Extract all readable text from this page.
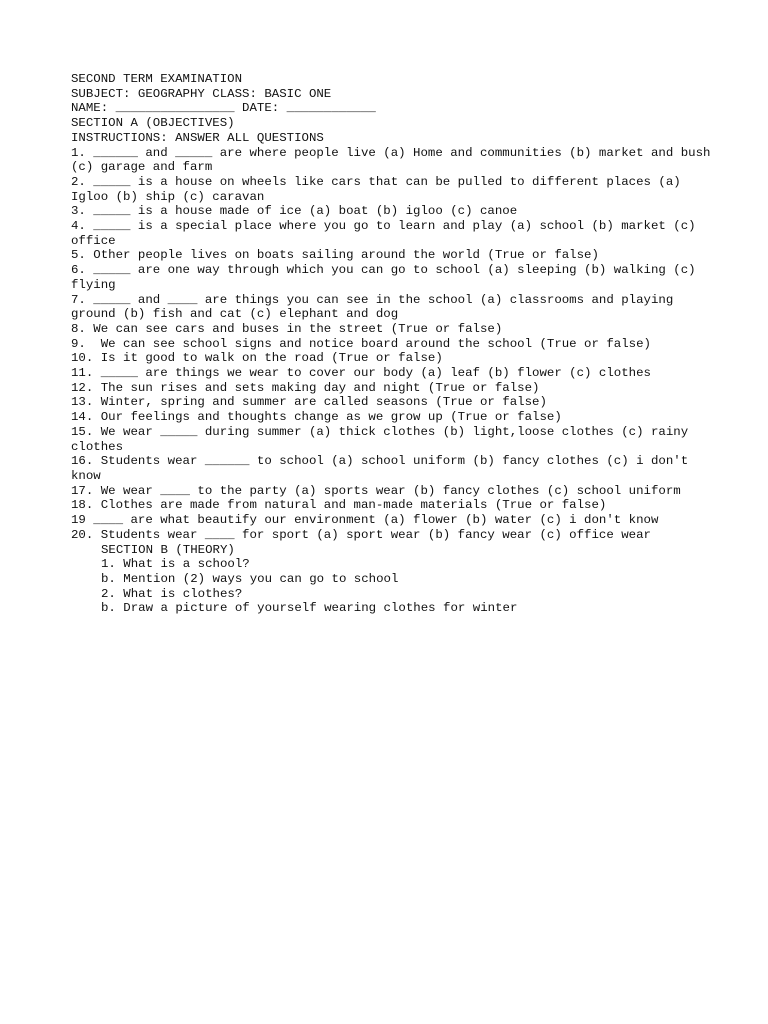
SECOND TERM EXAMINATION
SUBJECT: GEOGRAPHY CLASS: BASIC ONE
NAME: ________________ DATE: ____________
SECTION A (OBJECTIVES)
INSTRUCTIONS: ANSWER ALL QUESTIONS
1. ______ and _____ are where people live (a) Home and communities (b) market and bush (c) garage and farm
2. _____ is a house on wheels like cars that can be pulled to different places (a) Igloo (b) ship (c) caravan
3. _____ is a house made of ice (a) boat (b) igloo (c) canoe
4. _____ is a special place where you go to learn and play (a) school (b) market (c) office
5. Other people lives on boats sailing around the world (True or false)
6. _____ are one way through which you can go to school (a) sleeping (b) walking (c) flying
7. _____ and ____ are things you can see in the school (a) classrooms and playing ground (b) fish and cat (c) elephant and dog
8. We can see cars and buses in the street (True or false)
9.  We can see school signs and notice board around the school (True or false)
10. Is it good to walk on the road (True or false)
11. _____ are things we wear to cover our body (a) leaf (b) flower (c) clothes
12. The sun rises and sets making day and night (True or false)
13. Winter, spring and summer are called seasons (True or false)
14. Our feelings and thoughts change as we grow up (True or false)
15. We wear _____ during summer (a) thick clothes (b) light,loose clothes (c) rainy clothes
16. Students wear ______ to school (a) school uniform (b) fancy clothes (c) i don't know
17. We wear ____ to the party (a) sports wear (b) fancy clothes (c) school uniform
18. Clothes are made from natural and man-made materials (True or false)
19 ____ are what beautify our environment (a) flower (b) water (c) i don't know
20. Students wear ____ for sport (a) sport wear (b) fancy wear (c) office wear
SECTION B (THEORY)
1. What is a school?
b. Mention (2) ways you can go to school
2. What is clothes?
b. Draw a picture of yourself wearing clothes for winter
